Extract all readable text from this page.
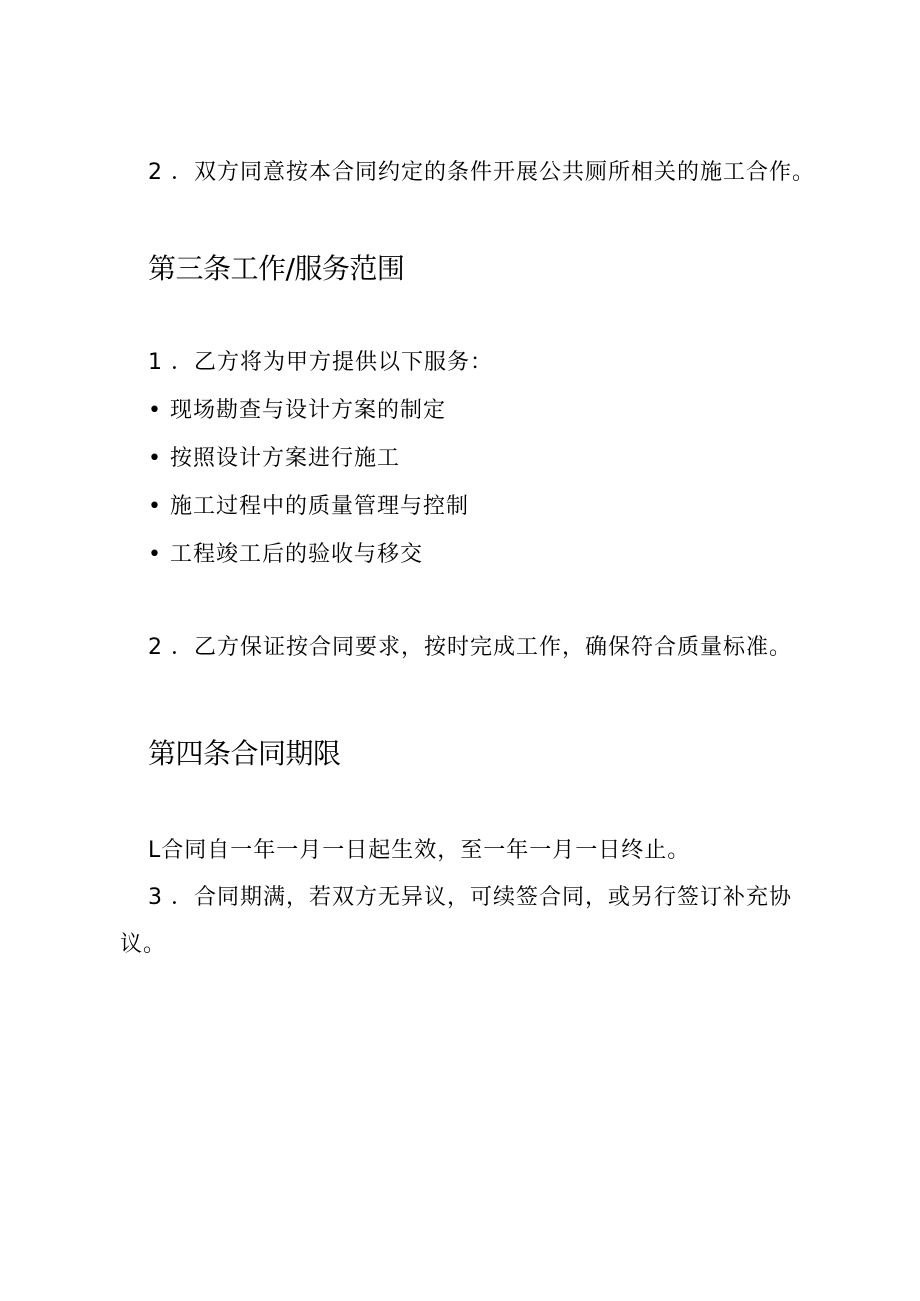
2 ．双方同意按本合同约定的条件开展公共厕所相关的施工合作。
第三条工作/服务范围
1 ．乙方将为甲方提供以下服务：
• 现场勘查与设计方案的制定
• 按照设计方案进行施工
• 施工过程中的质量管理与控制
• 工程竣工后的验收与移交
2 ．乙方保证按合同要求，按时完成工作，确保符合质量标准。
第四条合同期限
L合同自一年一月一日起生效，至一年一月一日终止。
3 ．合同期满，若双方无异议，可续签合同，或另行签订补充协
议。
